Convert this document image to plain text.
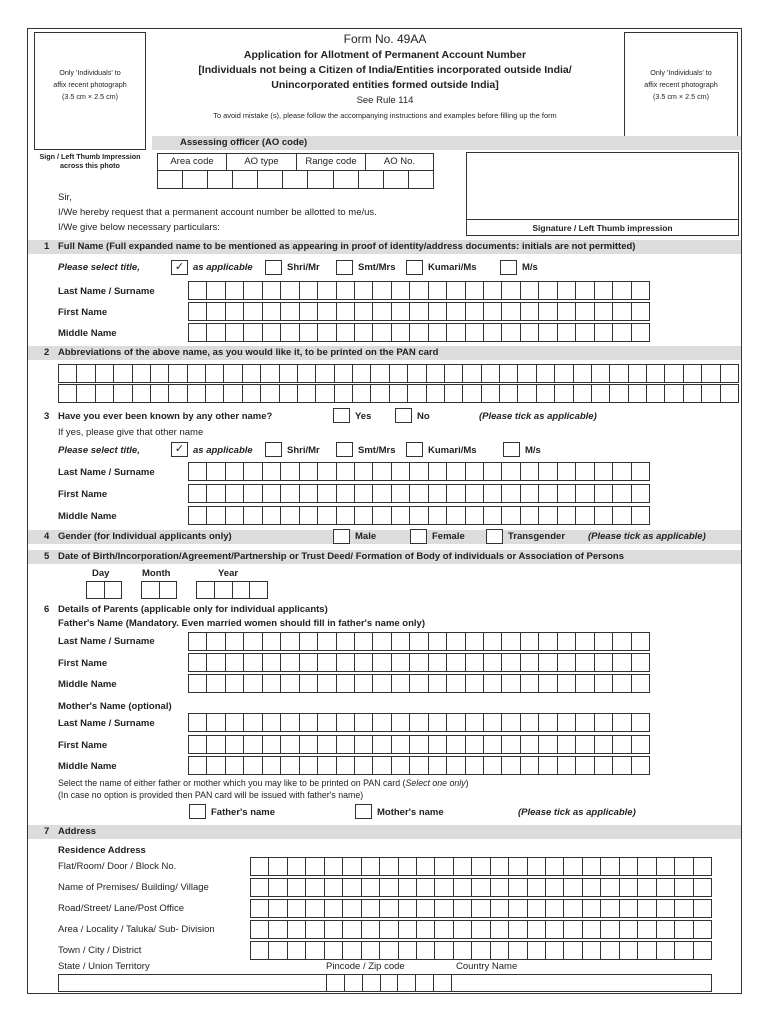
Only 'Individuals' to
affix recent photograph
(3.5 cm × 2.5 cm)
Sign / Left Thumb Impression
across this photo
Only 'Individuals' to
affix recent photograph
(3.5 cm × 2.5 cm)
Form No. 49AA
Application for Allotment of Permanent Account Number
[Individuals not being a Citizen of India/Entities incorporated outside India/
Unincorporated entities formed outside India]
See Rule 114
To avoid mistake (s), please follow the accompanying instructions and examples before filling up the form
Assessing officer (AO code)
Area code	AO type	Range code	AO No.
Signature / Left Thumb impression
Sir,
I/We hereby request that a permanent account number be allotted to me/us.
I/We give below necessary particulars:
1 Full Name (Full expanded name to be mentioned as appearing in proof of identity/address documents: initials are not permitted)
Please select title,	✓ as applicable	Shri/Mr	Smt/Mrs	Kumari/Ms	M/s
Last Name / Surname
First Name
Middle Name
2 Abbreviations of the above name, as you would like it, to be printed on the PAN card
3 Have you ever been known by any other name?	Yes	No	(Please tick as applicable)
If yes, please give that other name
Please select title,	✓ as applicable	Shri/Mr	Smt/Mrs	Kumari/Ms	M/s
Last Name / Surname
First Name
Middle Name
4 Gender (for Individual applicants only)	Male	Female	Transgender (Please tick as applicable)
5 Date of Birth/Incorporation/Agreement/Partnership or Trust Deed/ Formation of Body of individuals or Association of Persons
Day	Month	Year
6 Details of Parents (applicable only for individual applicants)
Father's Name (Mandatory. Even married women should fill in father's name only)
Last Name / Surname
First Name
Middle Name
Mother's Name (optional)
Last Name / Surname
First Name
Middle Name
Select the name of either father or mother which you may like to be printed on PAN card (Select one only)
(In case no option is provided then PAN card will be issued with father's name)
Father's name	Mother's name	(Please tick as applicable)
7 Address
Residence Address
Flat/Room/ Door / Block No.
Name of Premises/ Building/ Village
Road/Street/ Lane/Post Office
Area / Locality / Taluka/ Sub- Division
Town / City / District
State / Union Territory	Pincode / Zip code	Country Name
